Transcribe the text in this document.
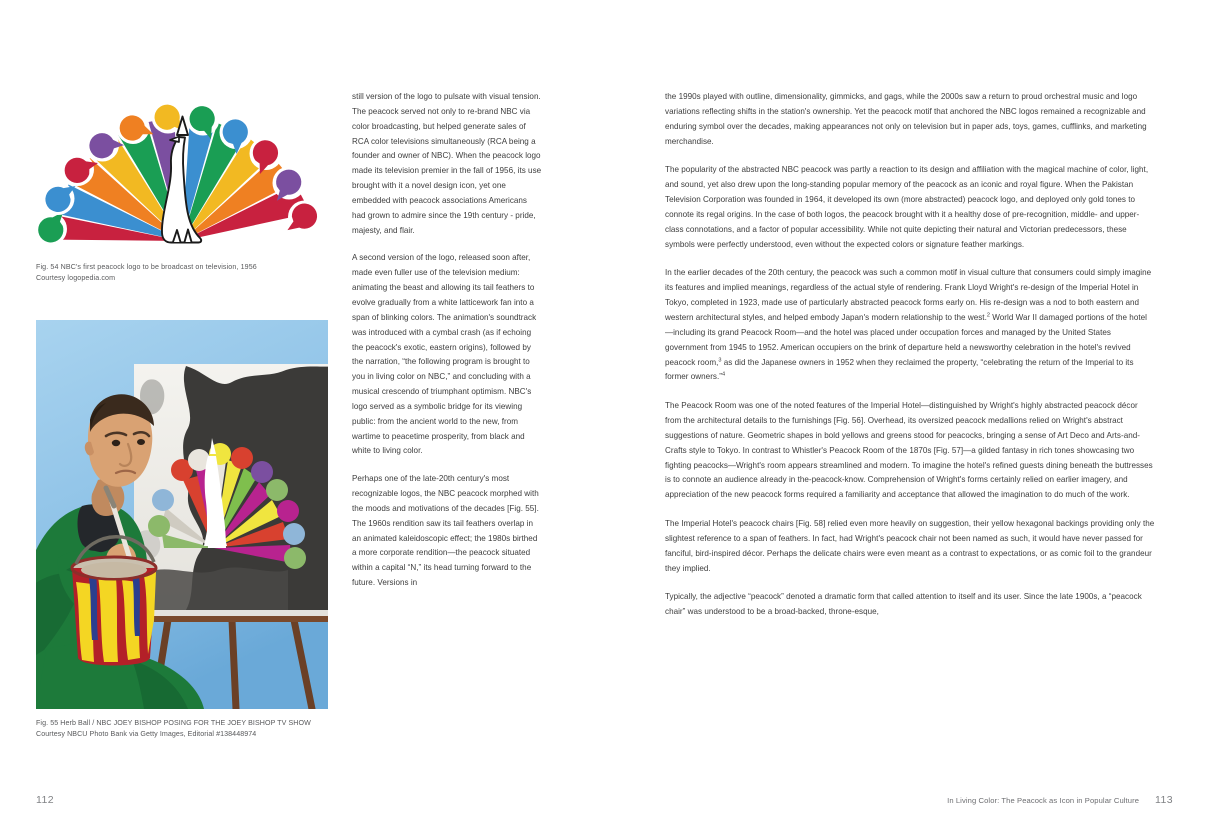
Fig. 54 NBC's first peacock logo to be broadcast on television, 1956
Courtesy logopedia.com
Fig. 55 Herb Ball / NBC JOEY BISHOP POSING FOR THE JOEY BISHOP TV SHOW
Courtesy NBCU Photo Bank via Getty Images, Editorial #138448974

still version of the logo to pulsate with visual tension. The peacock served not only to re-brand NBC via color broadcasting, but helped generate sales of RCA color televisions simultaneously (RCA being a founder and owner of NBC). When the peacock logo made its television premier in the fall of 1956, its use brought with it a novel design icon, yet one embedded with peacock associations Americans had grown to admire since the 19th century - pride, majesty, and flair.

A second version of the logo, released soon after, made even fuller use of the television medium: animating the beast and allowing its tail feathers to evolve gradually from a white latticework fan into a span of blinking colors. The animation's soundtrack was introduced with a cymbal crash (as if echoing the peacock's exotic, eastern origins), followed by the narration, “the following program is brought to you in living color on NBC,” and concluding with a musical crescendo of triumphant optimism. NBC's logo served as a symbolic bridge for its viewing public: from the ancient world to the new, from wartime to peacetime prosperity, from black and white to living color.

Perhaps one of the late-20th century's most recognizable logos, the NBC peacock morphed with the moods and motivations of the decades [Fig. 55]. The 1960s rendition saw its tail feathers overlap in an animated kaleidoscopic effect; the 1980s birthed a more corporate rendition—the peacock situated within a capital “N,” its head turning forward to the future. Versions in

112

the 1990s played with outline, dimensionality, gimmicks, and gags, while the 2000s saw a return to proud orchestral music and logo variations reflecting shifts in the station's ownership. Yet the peacock motif that anchored the NBC logos remained a recognizable and enduring symbol over the decades, making appearances not only on television but in paper ads, toys, games, cufflinks, and marketing merchandise.

The popularity of the abstracted NBC peacock was partly a reaction to its design and affiliation with the magical machine of color, light, and sound, yet also drew upon the long-standing popular memory of the peacock as an iconic and royal figure. When the Pakistan Television Corporation was founded in 1964, it developed its own (more abstracted) peacock logo, and deployed only gold tones to connote its regal origins. In the case of both logos, the peacock brought with it a healthy dose of pre-recognition, middle- and upper-class connotations, and a factor of popular accessibility. While not quite depicting their natural and Victorian predecessors, these symbols were perfectly understood, even without the expected colors or signature feather markings.

In the earlier decades of the 20th century, the peacock was such a common motif in visual culture that consumers could simply imagine its features and implied meanings, regardless of the actual style of rendering. Frank Lloyd Wright's re-design of the Imperial Hotel in Tokyo, completed in 1923, made use of particularly abstracted peacock forms early on. His re-design was a nod to both eastern and western architectural styles, and helped embody Japan's modern relationship to the west.$^2$ World War II damaged portions of the hotel—including its grand Peacock Room—and the hotel was placed under occupation forces and managed by the United States government from 1945 to 1952. American occupiers on the brink of departure held a newsworthy celebration in the hotel's revived peacock room,$^3$ as did the Japanese owners in 1952 when they reclaimed the property, “celebrating the return of the Imperial to its former owners.”$^4$

The Peacock Room was one of the noted features of the Imperial Hotel—distinguished by Wright's highly abstracted peacock décor from the architectural details to the furnishings [Fig. 56]. Overhead, its oversized peacock medallions relied on Wright's abstract suggestions of nature. Geometric shapes in bold yellows and greens stood for peacocks, bringing a sense of Art Deco and Arts-and-Crafts style to Tokyo. In contrast to Whistler's Peacock Room of the 1870s [Fig. 57]—a gilded fantasy in rich tones showcasing two fighting peacocks—Wright's room appears streamlined and modern. To imagine the hotel's refined guests dining beneath the buttresses is to connote an audience already in the-peacock-know. Comprehension of Wright's forms certainly relied on earlier imagery, and appreciation of the new peacock forms required a familiarity and acceptance that allowed the imagination to do much of the work.

The Imperial Hotel's peacock chairs [Fig. 58] relied even more heavily on suggestion, their yellow hexagonal backings providing only the slightest reference to a span of feathers. In fact, had Wright's peacock chair not been named as such, it would have never passed for fanciful, bird-inspired décor. Perhaps the delicate chairs were even meant as a contrast to expectations, or as comic foil to the grandeur they implied.

Typically, the adjective “peacock” denoted a dramatic form that called attention to itself and its user. Since the late 1900s, a “peacock chair” was understood to be a broad-backed, throne-esque,

In Living Color: The Peacock as Icon in Popular Culture 113
